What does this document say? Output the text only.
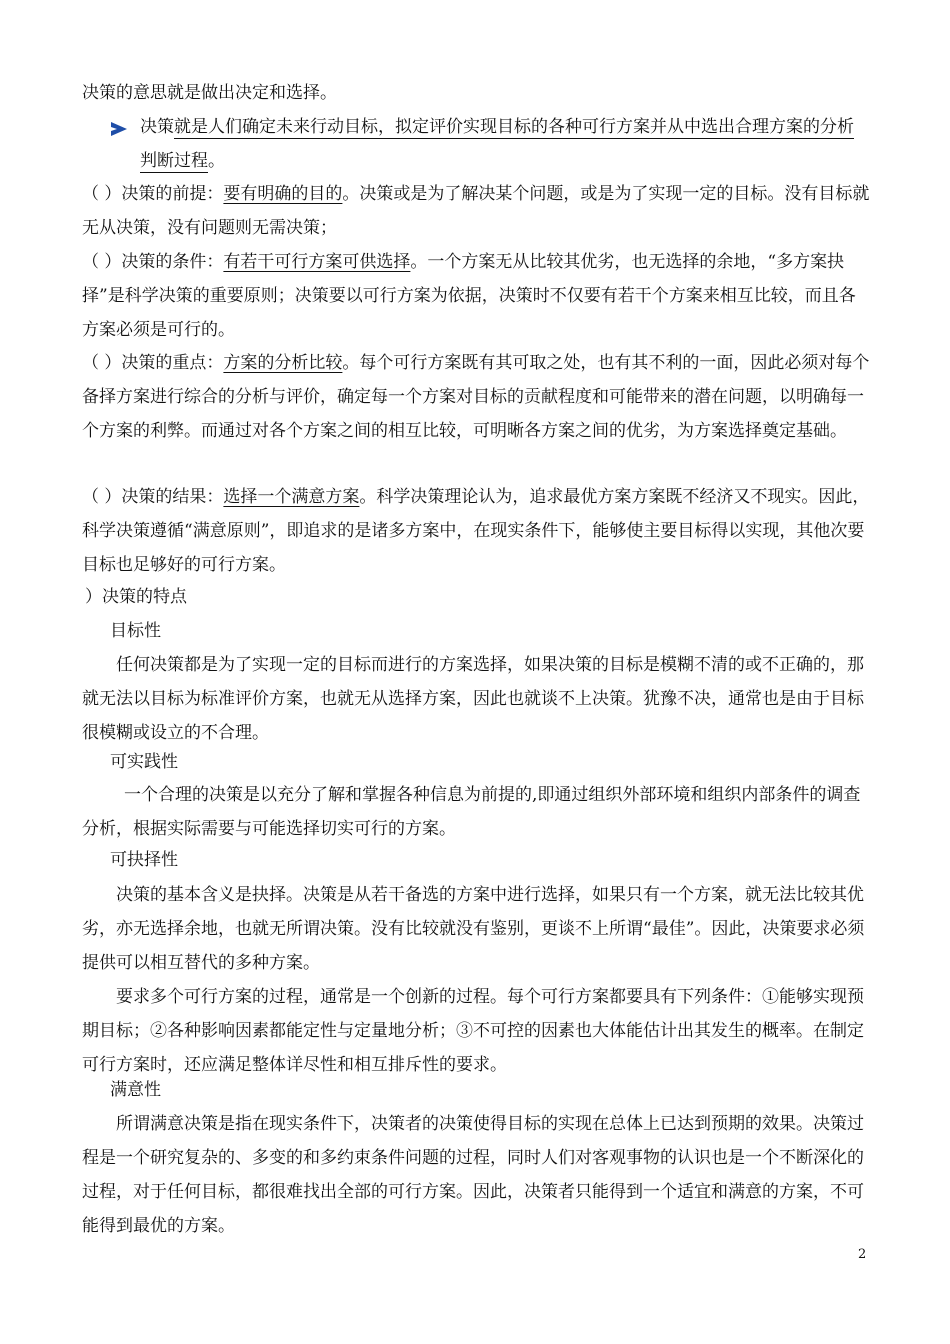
决策的意思就是做出决定和选择。
决策就是人们确定未来行动目标，拟定评价实现目标的各种可行方案并从中选出合理方案的分析判断过程。
（ ）决策的前提：要有明确的目的。决策或是为了解决某个问题，或是为了实现一定的目标。没有目标就无从决策，没有问题则无需决策；
（ ）决策的条件：有若干可行方案可供选择。一个方案无从比较其优劣，也无选择的余地，“多方案抉择”是科学决策的重要原则；决策要以可行方案为依据，决策时不仅要有若干个方案来相互比较，而且各方案必须是可行的。
（ ）决策的重点：方案的分析比较。每个可行方案既有其可取之处，也有其不利的一面，因此必须对每个备择方案进行综合的分析与评价，确定每一个方案对目标的贡献程度和可能带来的潜在问题，以明确每一个方案的利弊。而通过对各个方案之间的相互比较，可明晰各方案之间的优劣，为方案选择奠定基础。
（ ）决策的结果：选择一个满意方案。科学决策理论认为，追求最优方案方案既不经济又不现实。因此，科学决策遵循“满意原则”，即追求的是诸多方案中，在现实条件下，能够使主要目标得以实现，其他次要目标也足够好的可行方案。
）决策的特点
目标性
任何决策都是为了实现一定的目标而进行的方案选择，如果决策的目标是模糊不清的或不正确的，那就无法以目标为标准评价方案，也就无从选择方案，因此也就谈不上决策。犹豫不决，通常也是由于目标很模糊或设立的不合理。
可实践性
一个合理的决策是以充分了解和掌握各种信息为前提的,即通过组织外部环境和组织内部条件的调查分析，根据实际需要与可能选择切实可行的方案。
可抉择性
决策的基本含义是抉择。决策是从若干备选的方案中进行选择，如果只有一个方案，就无法比较其优劣，亦无选择余地，也就无所谓决策。没有比较就没有鉴别，更谈不上所谓“最佳”。因此，决策要求必须提供可以相互替代的多种方案。
要求多个可行方案的过程，通常是一个创新的过程。每个可行方案都要具有下列条件：①能够实现预期目标；②各种影响因素都能定性与定量地分析；③不可控的因素也大体能估计出其发生的概率。在制定可行方案时，还应满足整体详尽性和相互排斥性的要求。
满意性
所谓满意决策是指在现实条件下，决策者的决策使得目标的实现在总体上已达到预期的效果。决策过程是一个研究复杂的、多变的和多约束条件问题的过程，同时人们对客观事物的认识也是一个不断深化的过程，对于任何目标，都很难找出全部的可行方案。因此，决策者只能得到一个适宜和满意的方案，不可能得到最优的方案。
2
